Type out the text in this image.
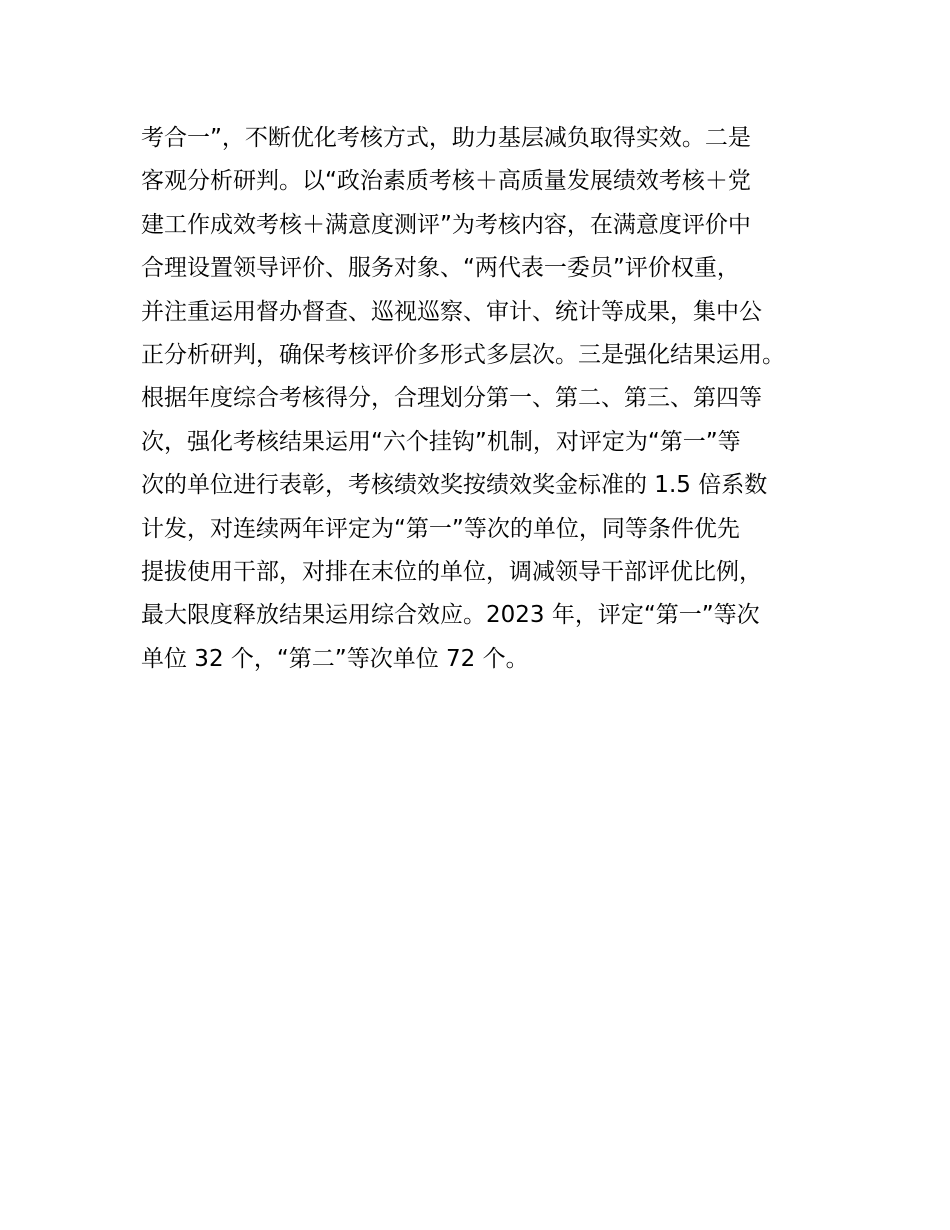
考合一”，不断优化考核方式，助力基层减负取得实效。二是
客观分析研判。以“政治素质考核＋高质量发展绩效考核＋党
建工作成效考核＋满意度测评”为考核内容，在满意度评价中
合理设置领导评价、服务对象、“两代表一委员”评价权重，
并注重运用督办督查、巡视巡察、审计、统计等成果，集中公
正分析研判，确保考核评价多形式多层次。三是强化结果运用。
根据年度综合考核得分，合理划分第一、第二、第三、第四等
次，强化考核结果运用“六个挂钩”机制，对评定为“第一”等
次的单位进行表彰，考核绩效奖按绩效奖金标准的 1.5 倍系数
计发，对连续两年评定为“第一”等次的单位，同等条件优先
提拔使用干部，对排在末位的单位，调减领导干部评优比例，
最大限度释放结果运用综合效应。2023 年，评定“第一”等次
单位 32 个，“第二”等次单位 72 个。
